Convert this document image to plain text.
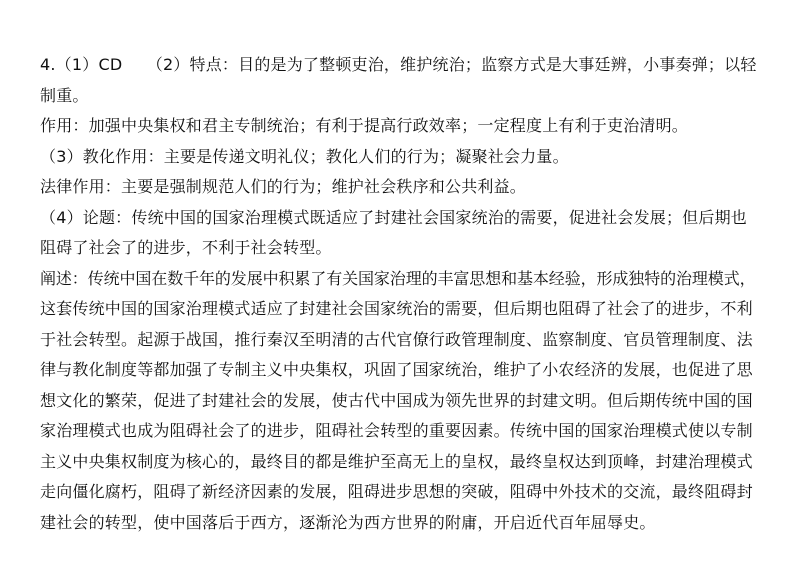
4.（1）CD　　（2）特点：目的是为了整顿吏治，维护统治；监察方式是大事廷辨，小事奏弹；以轻
制重。
作用：加强中央集权和君主专制统治；有利于提高行政效率；一定程度上有利于吏治清明。
（3）教化作用：主要是传递文明礼仪；教化人们的行为；凝聚社会力量。
法律作用：主要是强制规范人们的行为；维护社会秩序和公共利益。
（4）论题：传统中国的国家治理模式既适应了封建社会国家统治的需要，促进社会发展；但后期也
阻碍了社会了的进步，不利于社会转型。
阐述：传统中国在数千年的发展中积累了有关国家治理的丰富思想和基本经验，形成独特的治理模式，
这套传统中国的国家治理模式适应了封建社会国家统治的需要，但后期也阻碍了社会了的进步，不利
于社会转型。起源于战国，推行秦汉至明清的古代官僚行政管理制度、监察制度、官员管理制度、法
律与教化制度等都加强了专制主义中央集权，巩固了国家统治，维护了小农经济的发展，也促进了思
想文化的繁荣，促进了封建社会的发展，使古代中国成为领先世界的封建文明。但后期传统中国的国
家治理模式也成为阻碍社会了的进步，阻碍社会转型的重要因素。传统中国的国家治理模式使以专制
主义中央集权制度为核心的，最终目的都是维护至高无上的皇权，最终皇权达到顶峰，封建治理模式
走向僵化腐朽，阻碍了新经济因素的发展，阻碍进步思想的突破，阻碍中外技术的交流，最终阻碍封
建社会的转型，使中国落后于西方，逐渐沦为西方世界的附庸，开启近代百年屈辱史。
